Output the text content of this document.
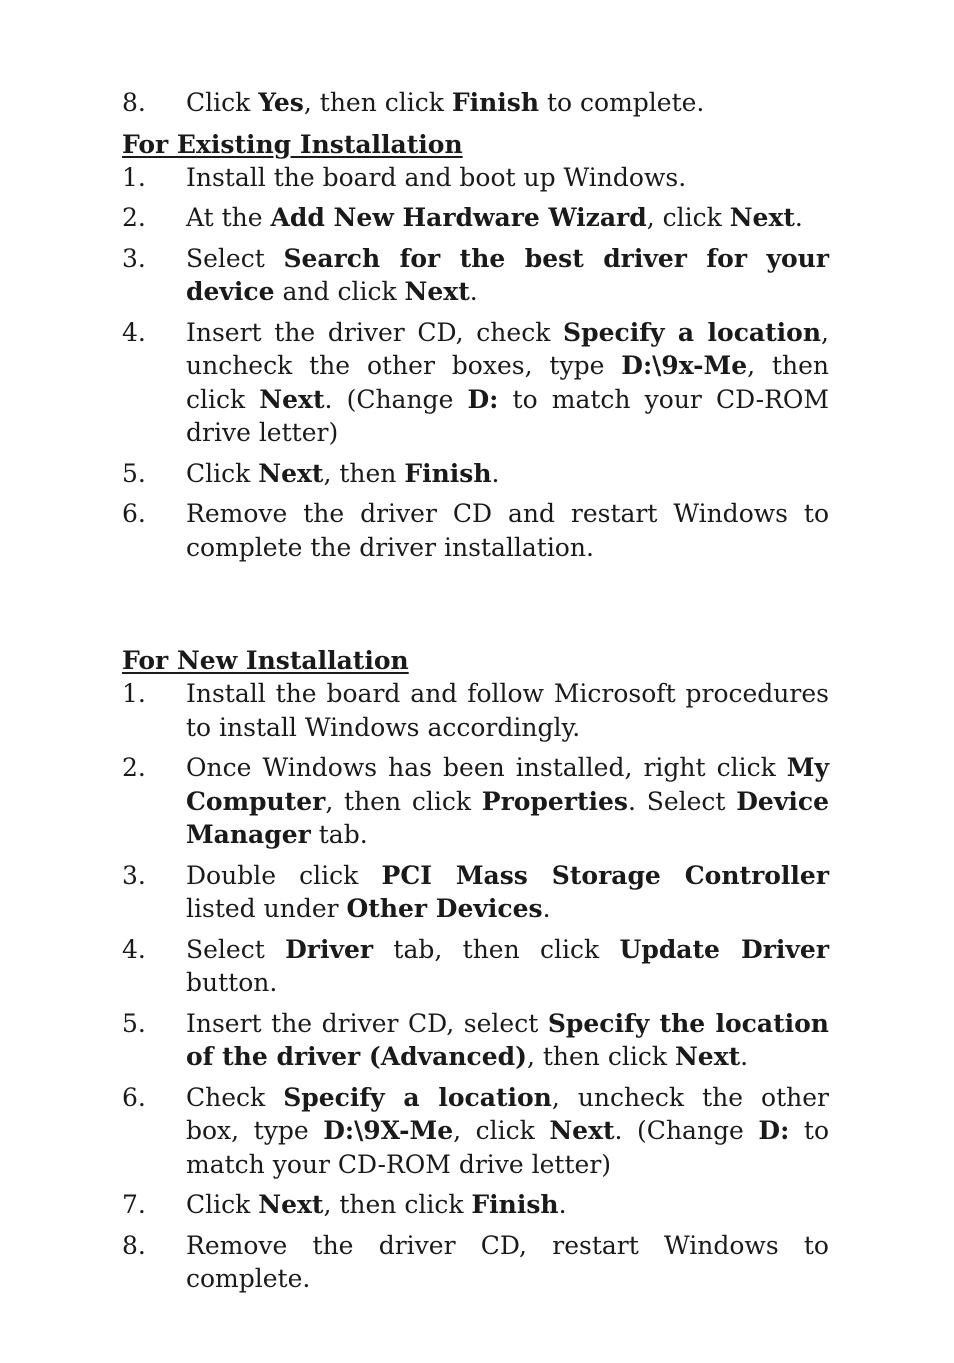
8.	Click Yes, then click Finish to complete.
For Existing Installation
1.	Install the board and boot up Windows.
2.	At the Add New Hardware Wizard, click Next.
3.	Select Search for the best driver for your device and click Next.
4.	Insert the driver CD, check Specify a location, uncheck the other boxes, type D:\9x-Me, then click Next. (Change D: to match your CD-ROM drive letter)
5.	Click Next, then Finish.
6.	Remove the driver CD and restart Windows to complete the driver installation.
For New Installation
1.	Install the board and follow Microsoft procedures to install Windows accordingly.
2.	Once Windows has been installed, right click My Computer, then click Properties. Select Device Manager tab.
3.	Double click PCI Mass Storage Controller listed under Other Devices.
4.	Select Driver tab, then click Update Driver button.
5.	Insert the driver CD, select Specify the location of the driver (Advanced), then click Next.
6.	Check Specify a location, uncheck the other box, type D:\9X-Me, click Next. (Change D: to match your CD-ROM drive letter)
7.	Click Next, then click Finish.
8.	Remove the driver CD, restart Windows to complete.
